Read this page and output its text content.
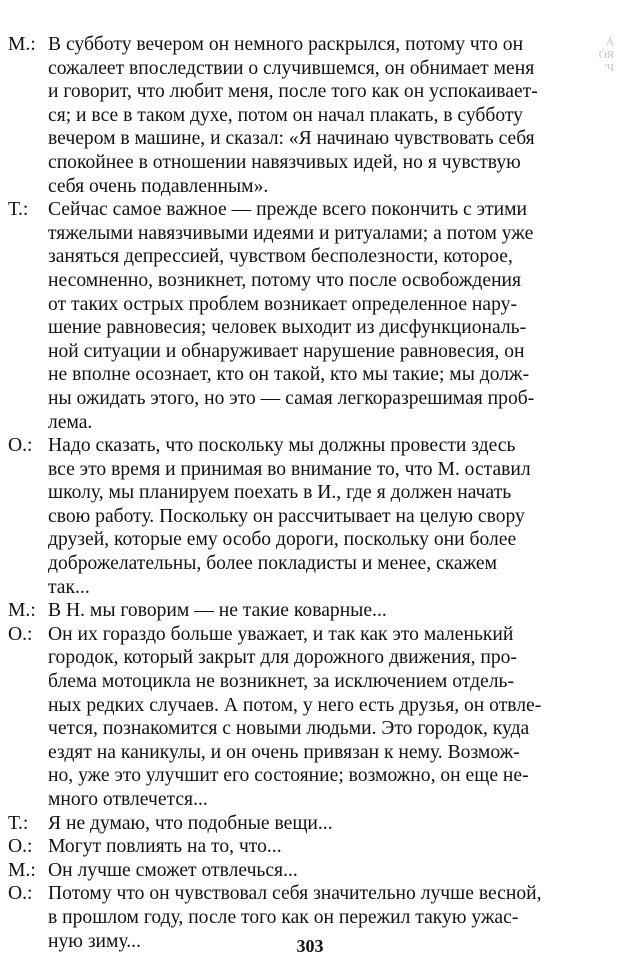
Á
ÓЯ
'Ч
М.: В субботу вечером он немного раскрылся, потому что он
сожалеет впоследствии о случившемся, он обнимает меня
и говорит, что любит меня, после того как он успокаивает-
ся; и все в таком духе, потом он начал плакать, в субботу
вечером в машине, и сказал: «Я начинаю чувствовать себя
спокойнее в отношении навязчивых идей, но я чувствую
себя очень подавленным».
Т.:	Сейчас самое важное — прежде всего покончить с этими
тяжелыми навязчивыми идеями и ритуалами; а потом уже
заняться депрессией, чувством бесполезности, которое,
несомненно, возникнет, потому что после освобождения
от таких острых проблем возникает определенное нару-
шение равновесия; человек выходит из дисфункциональ-
ной ситуации и обнаруживает нарушение равновесия, он
не вполне осознает, кто он такой, кто мы такие; мы долж-
ны ожидать этого, но это — самая легкоразрешимая проб-
лема.
О.: Надо сказать, что поскольку мы должны провести здесь
все это время и принимая во внимание то, что М. оставил
школу, мы планируем поехать в И., где я должен начать
свою работу. Поскольку он рассчитывает на целую свору
друзей, которые ему особо дороги, поскольку они более
доброжелательны, более покладисты и менее, скажем
так...
М.: В Н. мы говорим — не такие коварные...
О.: Он их гораздо больше уважает, и так как это маленький
городок, который закрыт для дорожного движения, про-
блема мотоцикла не возникнет, за исключением отдель-
ных редких случаев. А потом, у него есть друзья, он отвле-
чется, познакомится с новыми людьми. Это городок, куда
ездят на каникулы, и он очень привязан к нему. Возмож-
но, уже это улучшит его состояние; возможно, он еще не-
много отвлечется...
Т.:	Я не думаю, что подобные вещи...
О.: Могут повлиять на то, что...
М.: Он лучше сможет отвлечься...
О.: Потому что он чувствовал себя значительно лучше весной,
в прошлом году, после того как он пережил такую ужас-
ную зиму...	303
